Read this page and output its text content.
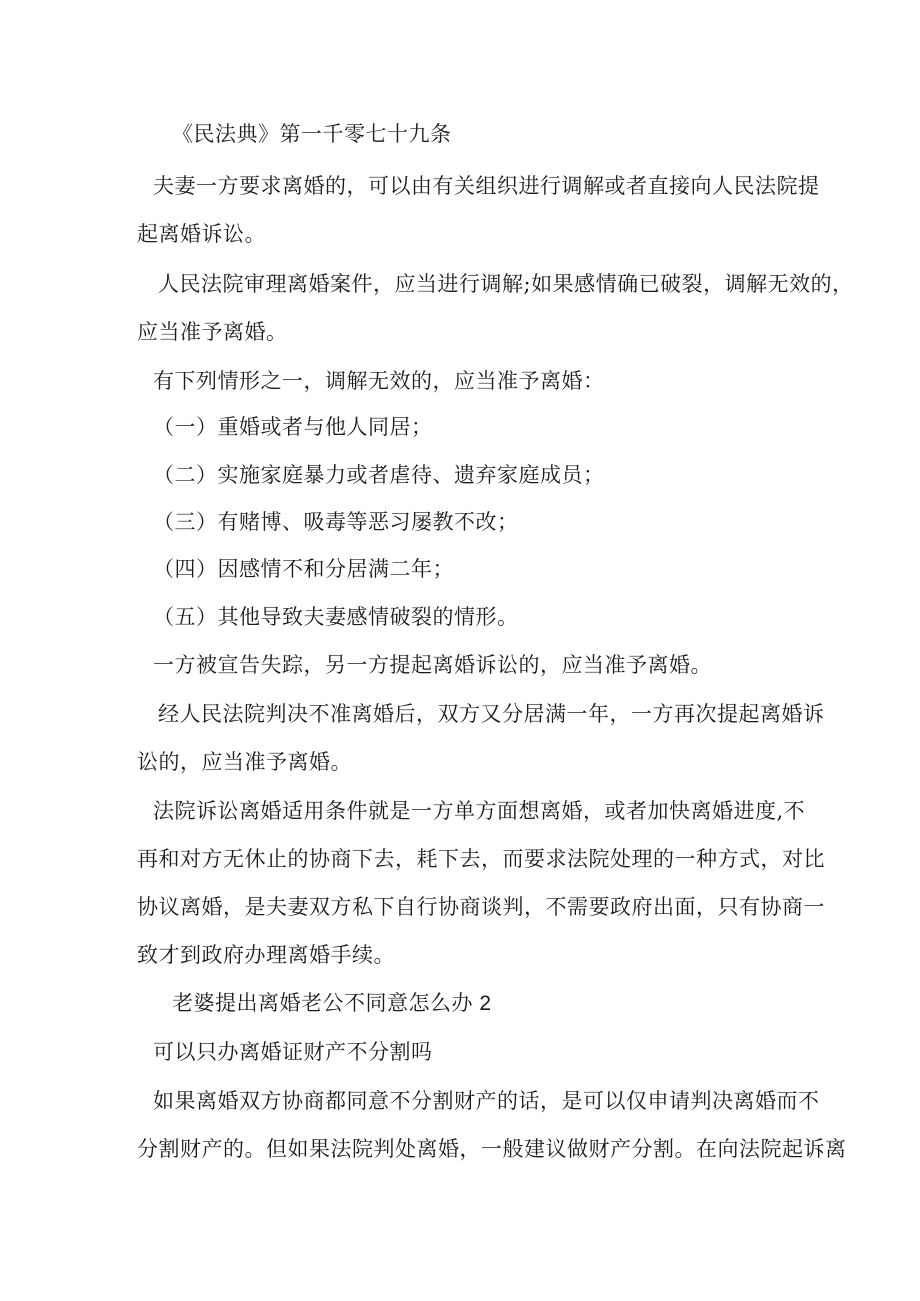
《民法典》第一千零七十九条
夫妻一方要求离婚的，可以由有关组织进行调解或者直接向人民法院提
起离婚诉讼。
人民法院审理离婚案件，应当进行调解;如果感情确已破裂，调解无效的，
应当准予离婚。
有下列情形之一，调解无效的，应当准予离婚：
（一）重婚或者与他人同居；
（二）实施家庭暴力或者虐待、遗弃家庭成员；
（三）有赌博、吸毒等恶习屡教不改；
（四）因感情不和分居满二年；
（五）其他导致夫妻感情破裂的情形。
一方被宣告失踪，另一方提起离婚诉讼的，应当准予离婚。
经人民法院判决不准离婚后，双方又分居满一年，一方再次提起离婚诉
讼的，应当准予离婚。
法院诉讼离婚适用条件就是一方单方面想离婚，或者加快离婚进度,不
再和对方无休止的协商下去，耗下去，而要求法院处理的一种方式，对比
协议离婚，是夫妻双方私下自行协商谈判，不需要政府出面，只有协商一
致才到政府办理离婚手续。
老婆提出离婚老公不同意怎么办 2
可以只办离婚证财产不分割吗
如果离婚双方协商都同意不分割财产的话，是可以仅申请判决离婚而不
分割财产的。但如果法院判处离婚，一般建议做财产分割。在向法院起诉离
